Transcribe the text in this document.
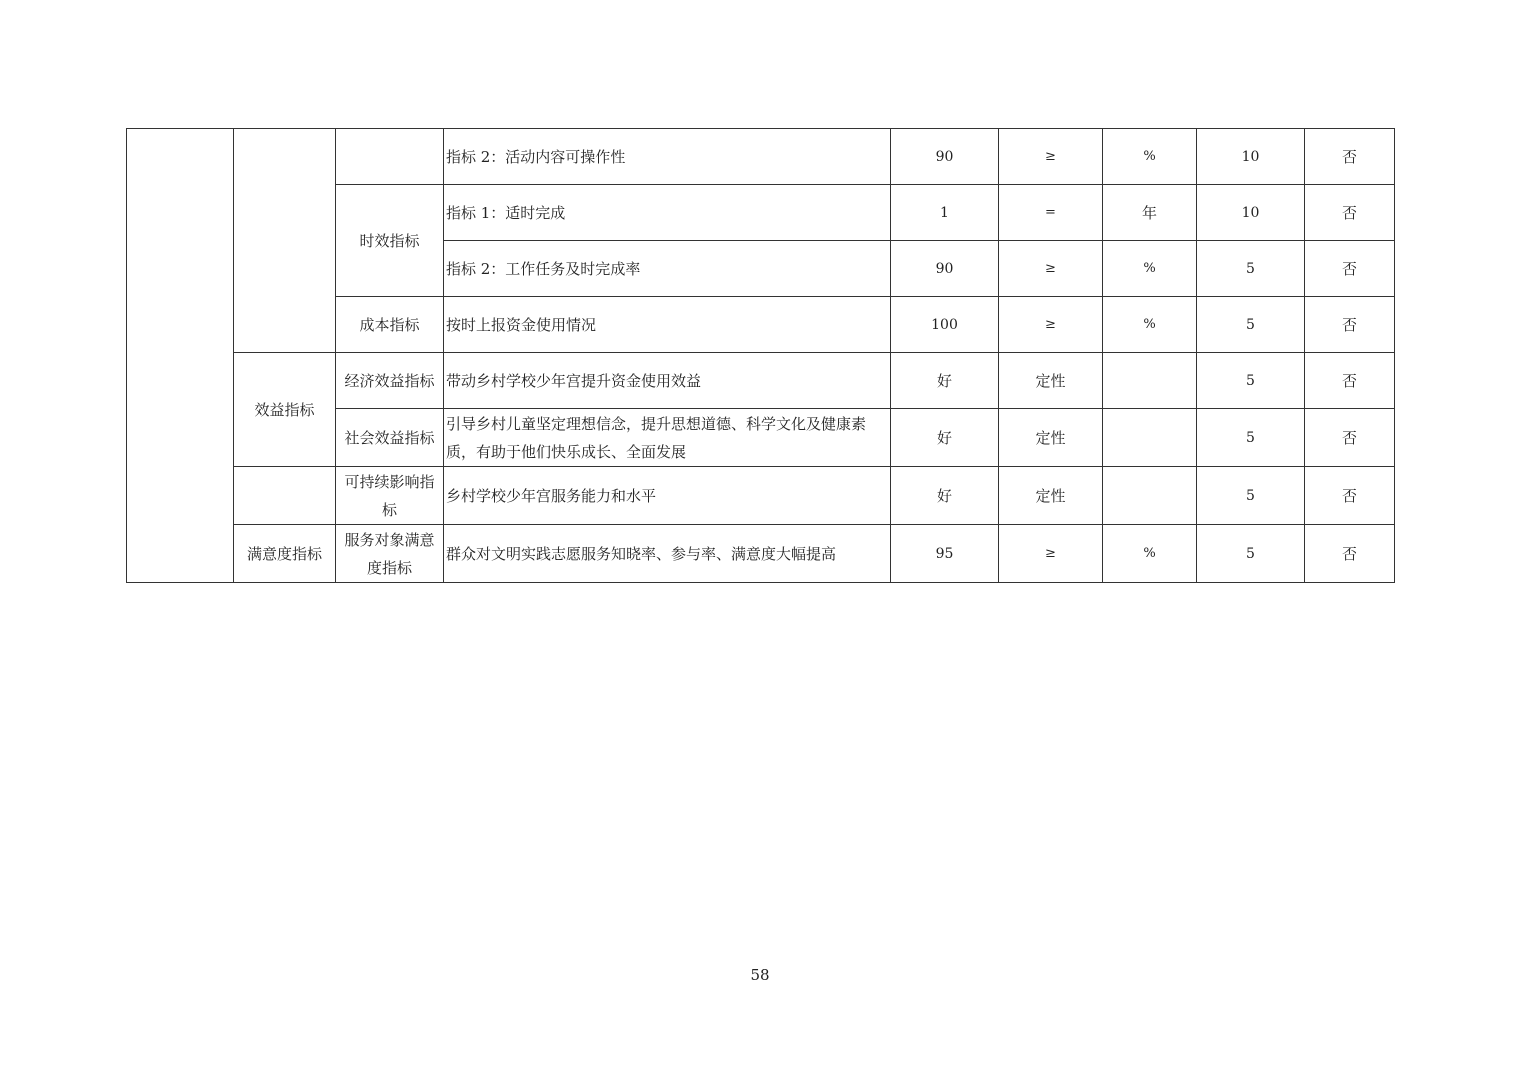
			指标 2：活动内容可操作性	90	≥	%	10	否
		时效指标	指标 1：适时完成	1	=	年	10	否
			指标 2：工作任务及时完成率	90	≥	%	5	否
		成本指标	按时上报资金使用情况	100	≥	%	5	否
	效益指标	经济效益指标	带动乡村学校少年宫提升资金使用效益	好	定性		5	否
		社会效益指标	引导乡村儿童坚定理想信念，提升思想道德、科学文化及健康素质，有助于他们快乐成长、全面发展	好	定性		5	否
		可持续影响指标	乡村学校少年宫服务能力和水平	好	定性		5	否
	满意度指标	服务对象满意度指标	群众对文明实践志愿服务知晓率、参与率、满意度大幅提高	95	≥	%	5	否
58
